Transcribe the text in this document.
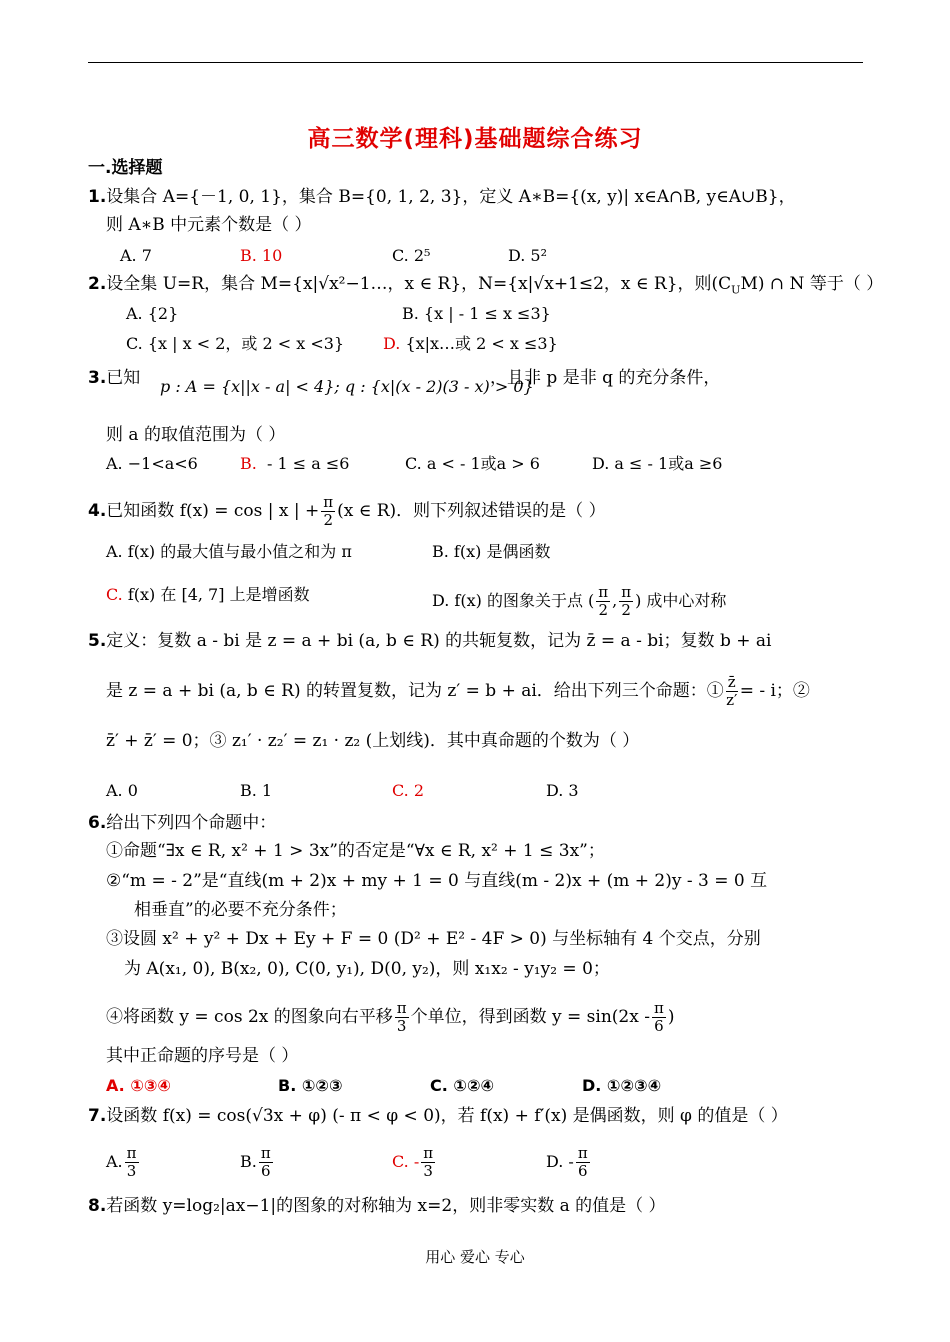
高三数学(理科)基础题综合练习
一.选择题
1.设集合 A={－1, 0, 1}，集合 B={0, 1, 2, 3}，定义 A∗B={(x, y)| x∈A∩B, y∈A∪B}，
则 A∗B 中元素个数是（ ）
A. 7	B. 10	C. 2⁵	D. 5²
2.设全集 U=R，集合 M={x|√x²−1…，x ∈ R}，N={x|√x+1≤2，x ∈ R}，则$(C_UM)$ ∩ N 等于（ ）
A. {2}	B. {x | - 1 ≤ x ≤3}
C. {x | x < 2，或 2 < x <3} D. {x|x…或 2 < x ≤3}
3.已知 p : A = {x||x - a| < 4}; q : {x|(x - 2)(3 - x) > 0}
，且非 p 是非 q 的充分条件，
则 a 的取值范围为（ ）
A. −1<a<6	B. - 1 ≤ a ≤6	C. a < - 1或a > 6	D. a ≤ - 1或a ≥6
4.已知函数 f(x) = cos | x | + $\frac{\pi}{2} (x$ ∈ R)．则下列叙述错误的是（ ）
A. f(x) 的最大值与最小值之和为 π	B. f(x) 是偶函数
C. f(x) 在 [4, 7] 上是增函数	D. f(x) 的图象关于点 ( $\frac{\pi}{2}$ , $\frac{\pi}{2}$ ) 成中心对称
5.定义：复数 a - bi 是 z = a + bi (a, b ∈ R) 的共轭复数，记为 z̄ = a - bi；复数 b + ai
是 z = a + bi (a, b ∈ R) 的转置复数，记为 z′ = b + ai．给出下列三个命题：① $\frac{z̄}{z'}$ = - i；②
z̄′ + z̄′ = 0；③ z₁′ · z₂′ = z₁ · z₂ (上划线)．其中真命题的个数为（ ）
A. 0	B. 1	C. 2	D. 3
6.给出下列四个命题中：
①命题“∃x ∈ R, x² + 1 > 3x”的否定是“∀x ∈ R, x² + 1 ≤ 3x”；
②“m = - 2”是“直线(m + 2)x + my + 1 = 0 与直线(m - 2)x + (m + 2)y - 3 = 0 互
相垂直”的必要不充分条件；
③设圆 x² + y² + Dx + Ey + F = 0 (D² + E² - 4F > 0) 与坐标轴有 4 个交点，分别
为 A(x₁, 0), B(x₂, 0), C(0, y₁), D(0, y₂)，则 x₁x₂ - y₁y₂ = 0；
④将函数 y = cos 2x 的图象向右平移 $\frac{\pi}{3}$ 个单位，得到函数 $y = \sin(2x - \frac{\pi}{6}$ )
其中正命题的序号是（ ）
A. ①③④	B. ①②③	C. ①②④	D. ①②③④
7.设函数 f(x) = cos(√3x + φ) (- π < φ < 0)，若 f(x) + f′(x) 是偶函数，则 φ 的值是（ ）
A. $\frac{\pi}{3}$	B. $\frac{\pi}{6}$	C. - $\frac{\pi}{3}$	D. - $\frac{\pi}{6}$
8.若函数 y=log₂|ax−1|的图象的对称轴为 x=2，则非零实数 a 的值是（ ）
用心 爱心 专心
